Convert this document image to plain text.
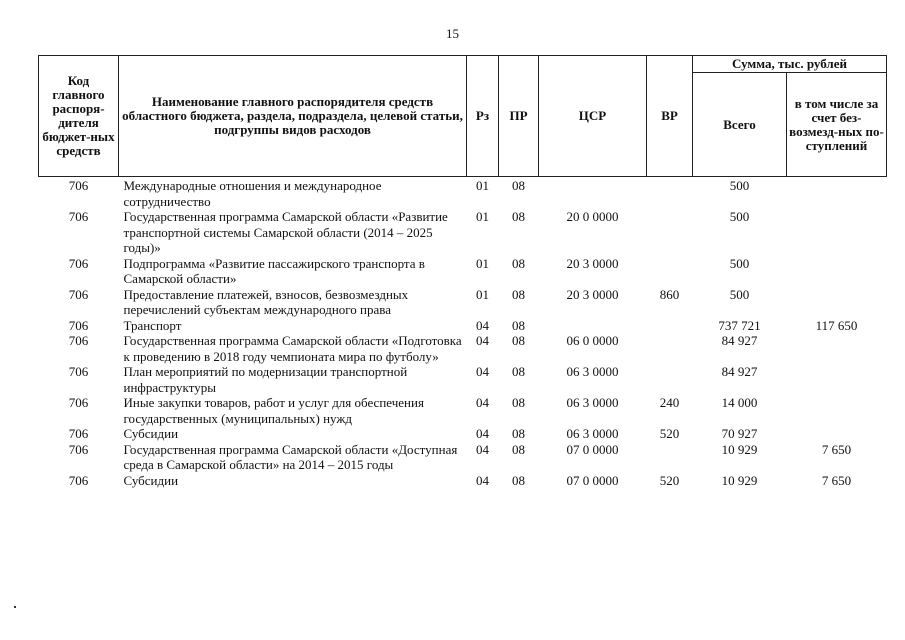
15
Код главного распоря-дителя бюджет-ных средств	Наименование главного распорядителя средств областного бюджета, раздела, подраздела, целевой статьи, подгруппы видов расходов	Рз	ПР	ЦСР	ВР	Сумма, тыс. рублей	
						Всего	в том числе за счет без-возмезд-ных по-ступлений
706	Международные отношения и международное сотрудничество	01	08			500	
706	Государственная программа Самарской области «Развитие транспортной системы Самарской области (2014 – 2025 годы)»	01	08	20 0 0000		500	
706	Подпрограмма «Развитие пассажирского транспорта в Самарской области»	01	08	20 3 0000		500	
706	Предоставление платежей, взносов, безвозмездных перечислений субъектам международного права	01	08	20 3 0000	860	500	
706	Транспорт	04	08			737 721	117 650
706	Государственная программа Самарской области «Подготовка к проведению в 2018 году чемпионата мира по футболу»	04	08	06 0 0000		84 927	
706	План мероприятий по модернизации транспортной инфраструктуры	04	08	06 3 0000		84 927	
706	Иные закупки товаров, работ и услуг для обеспечения государственных (муниципальных) нужд	04	08	06 3 0000	240	14 000	
706	Субсидии	04	08	06 3 0000	520	70 927	
706	Государственная программа Самарской области «Доступная среда в Самарской области» на 2014 – 2015 годы	04	08	07 0 0000		10 929	7 650
706	Субсидии	04	08	07 0 0000	520	10 929	7 650
